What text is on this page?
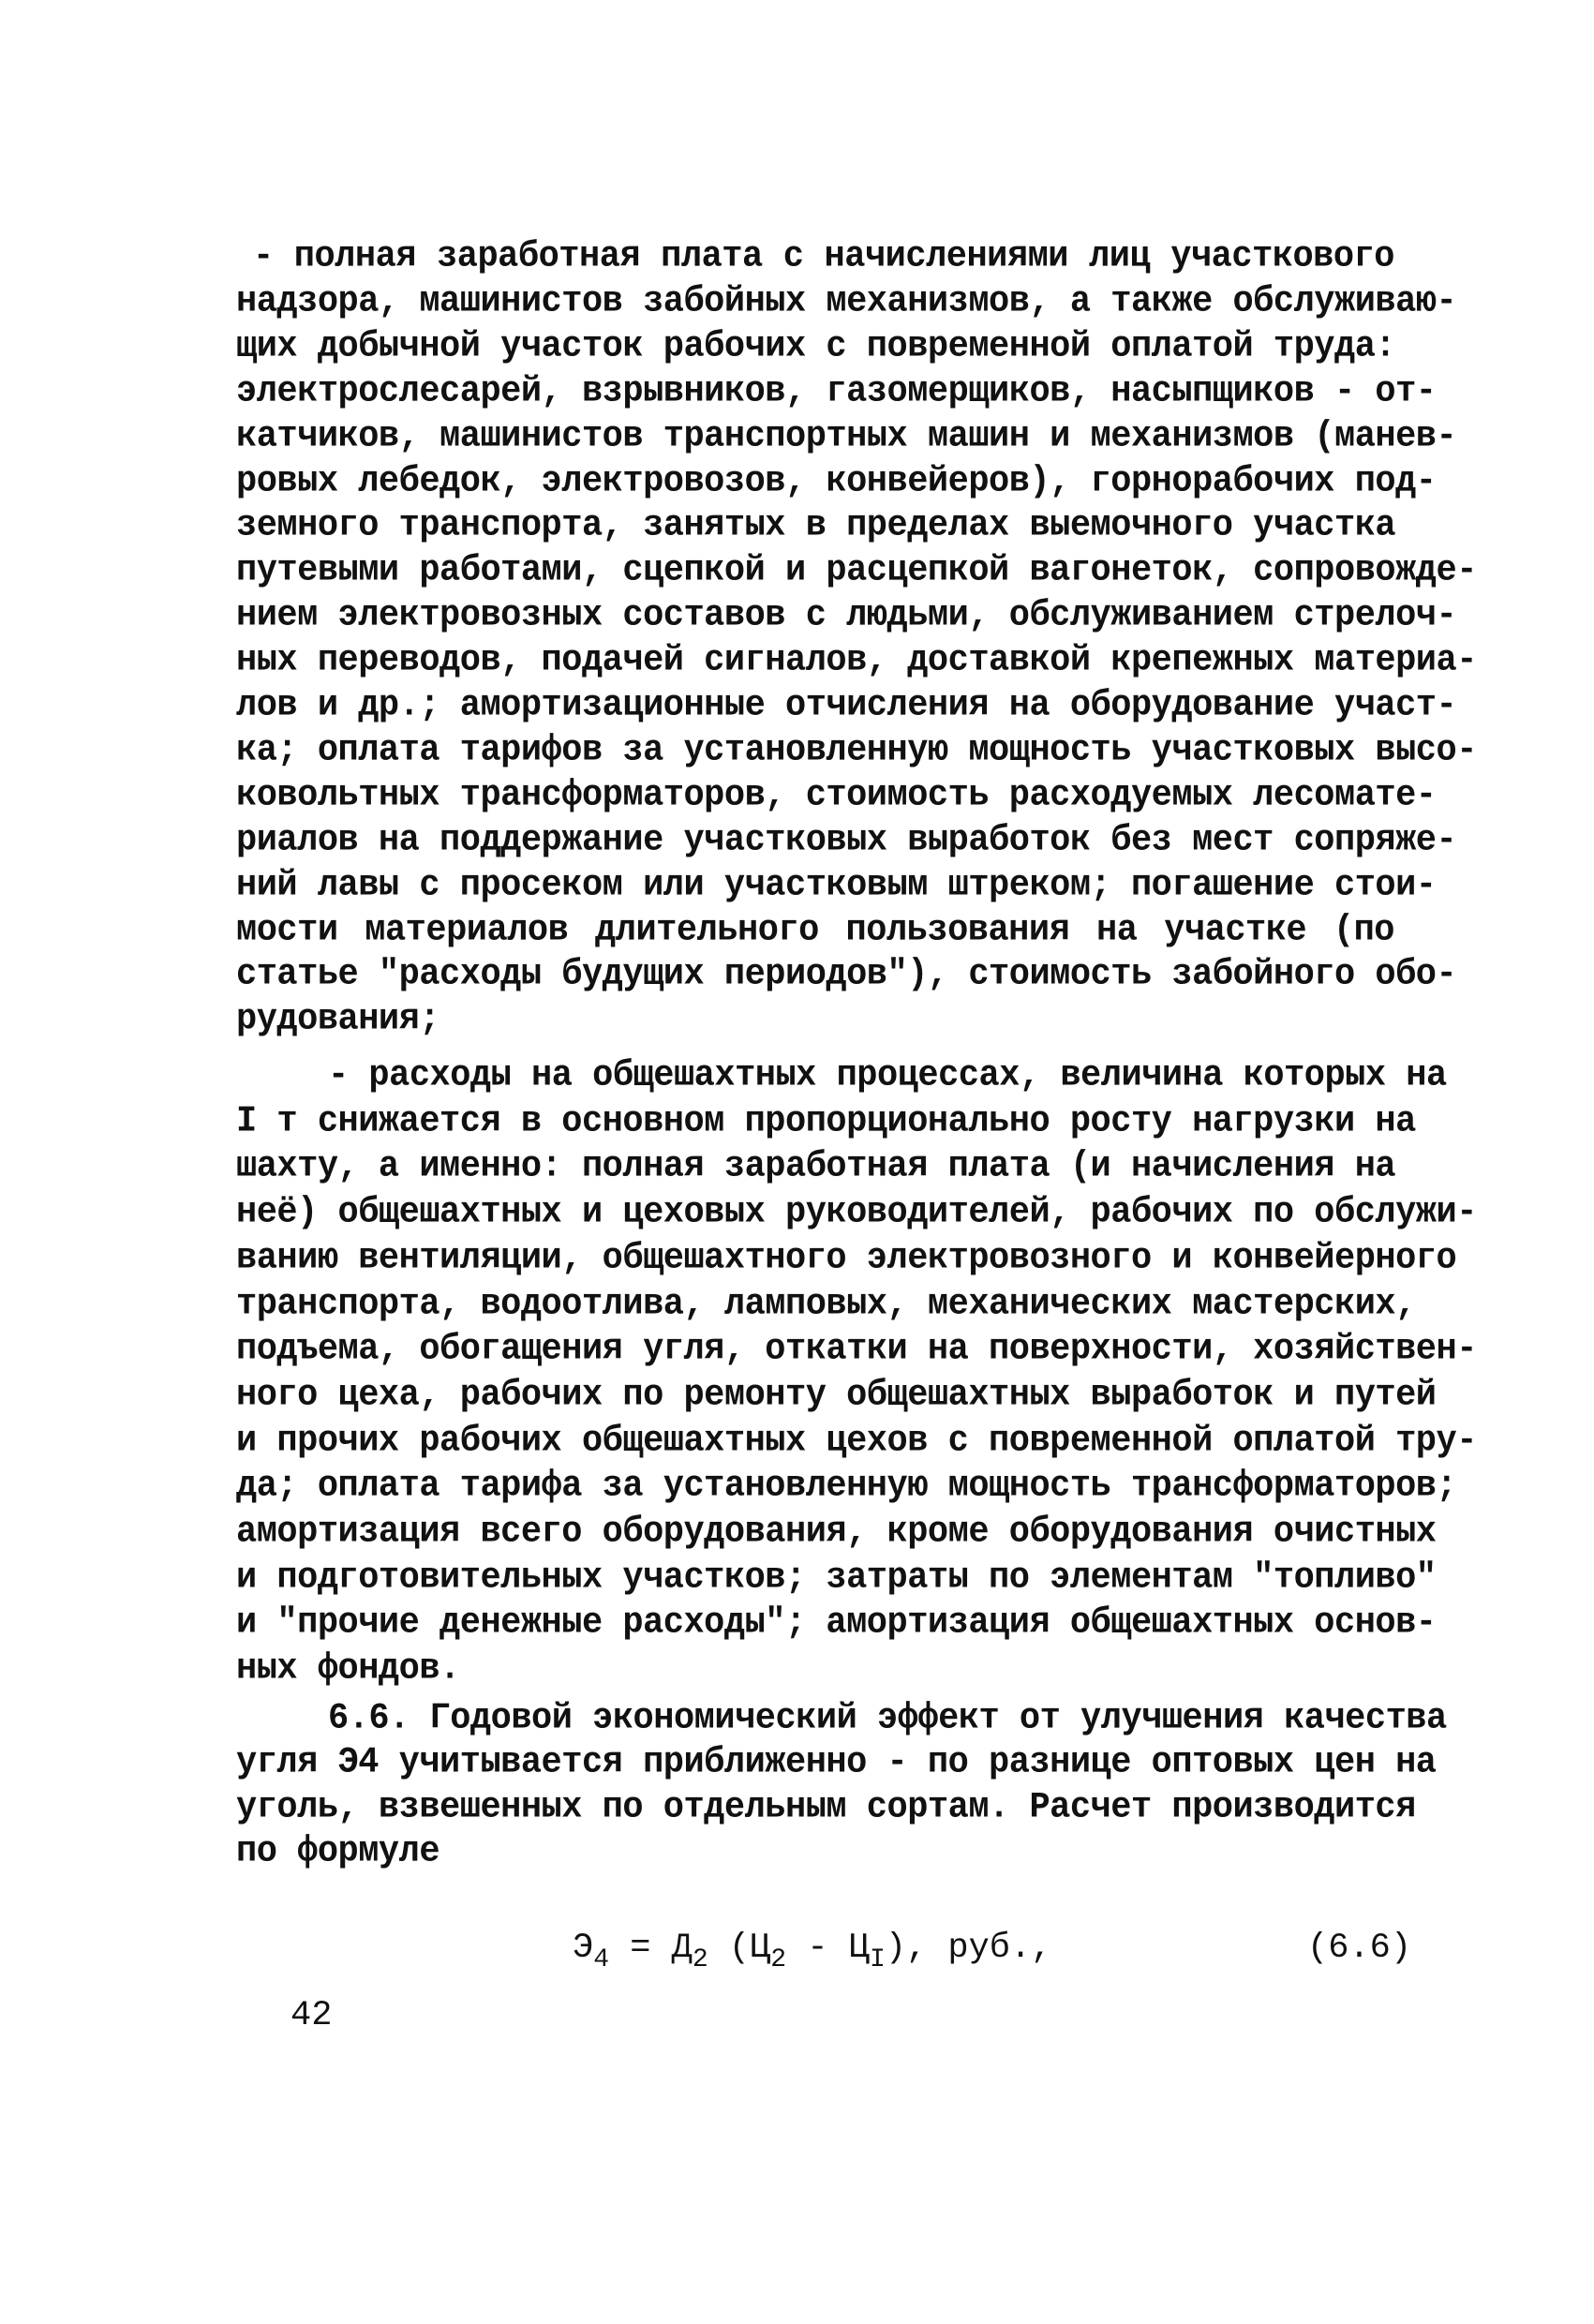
- полная заработная плата с начислениями лиц участкового
надзора, машинистов забойных механизмов, а также обслуживаю-
щих добычной участок рабочих с повременной оплатой труда:
электрослесарей, взрывников, газомерщиков, насыпщиков - от-
катчиков, машинистов транспортных машин и механизмов (манев-
ровых лебедок, электровозов, конвейеров), горнорабочих под-
земного транспорта, занятых в пределах выемочного участка
путевыми работами, сцепкой и расцепкой вагонеток, сопровожде-
нием электровозных составов с людьми, обслуживанием стрелоч-
ных переводов, подачей сигналов, доставкой крепежных материа-
лов и др.; амортизационные отчисления на оборудование участ-
ка; оплата тарифов за установленную мощность участковых высо-
ковольтных трансформаторов, стоимость расходуемых лесомате-
риалов на поддержание участковых выработок без мест сопряже-
ний лавы с просеком или участковым штреком; погашение стои-
мости материалов длительного пользования на участке (по
статье "расходы будущих периодов"), стоимость забойного обо-
рудования;
- расходы на общешахтных процессах, величина которых на
I т снижается в основном пропорционально росту нагрузки на
шахту, а именно: полная заработная плата (и начисления на
неё) общешахтных и цеховых руководителей, рабочих по обслужи-
ванию вентиляции, общешахтного электровозного и конвейерного
транспорта, водоотлива, ламповых, механических мастерских,
подъема, обогащения угля, откатки на поверхности, хозяйствен-
ного цеха, рабочих по ремонту общешахтных выработок и путей
и прочих рабочих общешахтных цехов с повременной оплатой тру-
да; оплата тарифа за установленную мощность трансформаторов;
амортизация всего оборудования, кроме оборудования очистных
и подготовительных участков; затраты по элементам "топливо"
и "прочие денежные расходы"; амортизация общешахтных основ-
ных фондов.
6.6. Годовой экономический эффект от улучшения качества
угля Э4 учитывается приближенно - по разнице оптовых цен на
уголь, взвешенных по отдельным сортам. Расчет производится
по формуле
$Э_4 = Д_2$ $(Ц_2 - Ц_I)$, руб.,	(6.6)
42
